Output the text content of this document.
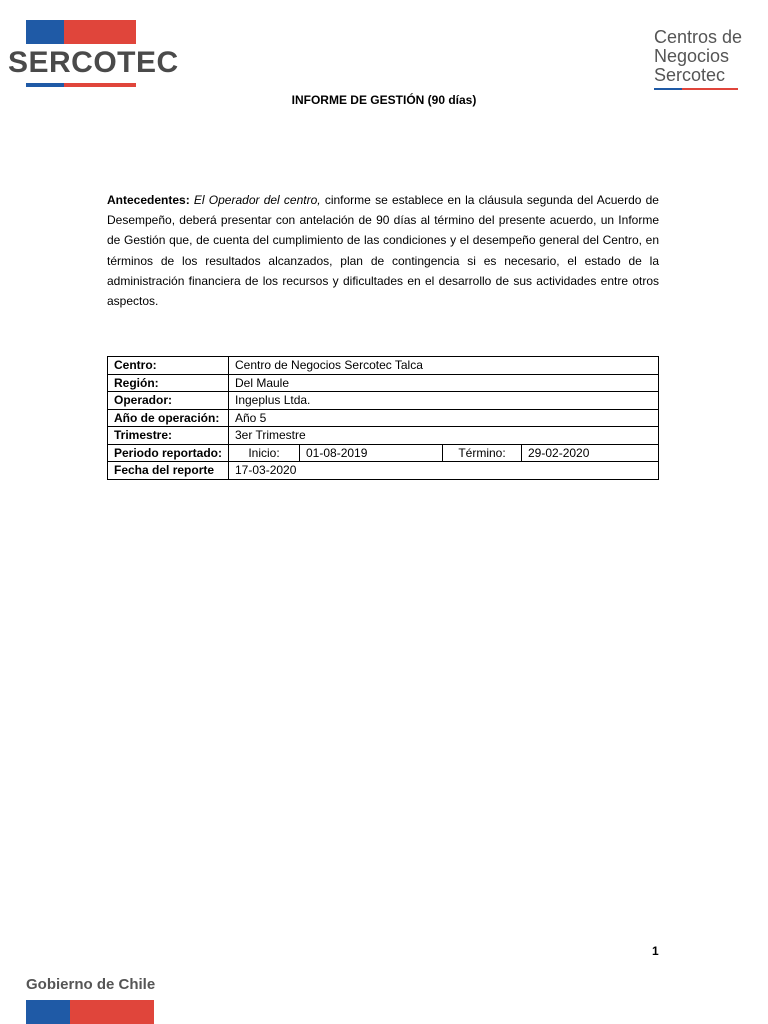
SERCOTEC
Centros de
Negocios
Sercotec
INFORME DE GESTIÓN (90 días)

Antecedentes: El Operador del centro, cinforme se establece en la cláusula segunda del Acuerdo de Desempeño, deberá presentar con antelación de 90 días al término del presente acuerdo, un Informe de Gestión que, de cuenta del cumplimiento de las condiciones y el desempeño general del Centro, en términos de los resultados alcanzados, plan de contingencia si es necesario, el estado de la administración financiera de los recursos y dificultades en el desarrollo de sus actividades entre otros aspectos.

Centro:	Centro de Negocios Sercotec Talca			
Región:	Del Maule			
Operador:	Ingeplus Ltda.			
Año de operación:	Año 5			
Trimestre:	3er Trimestre			
Periodo reportado:	Inicio:	01-08-2019	Término:	29-02-2020
Fecha del reporte	17-03-2020			
1
Gobierno de Chile
